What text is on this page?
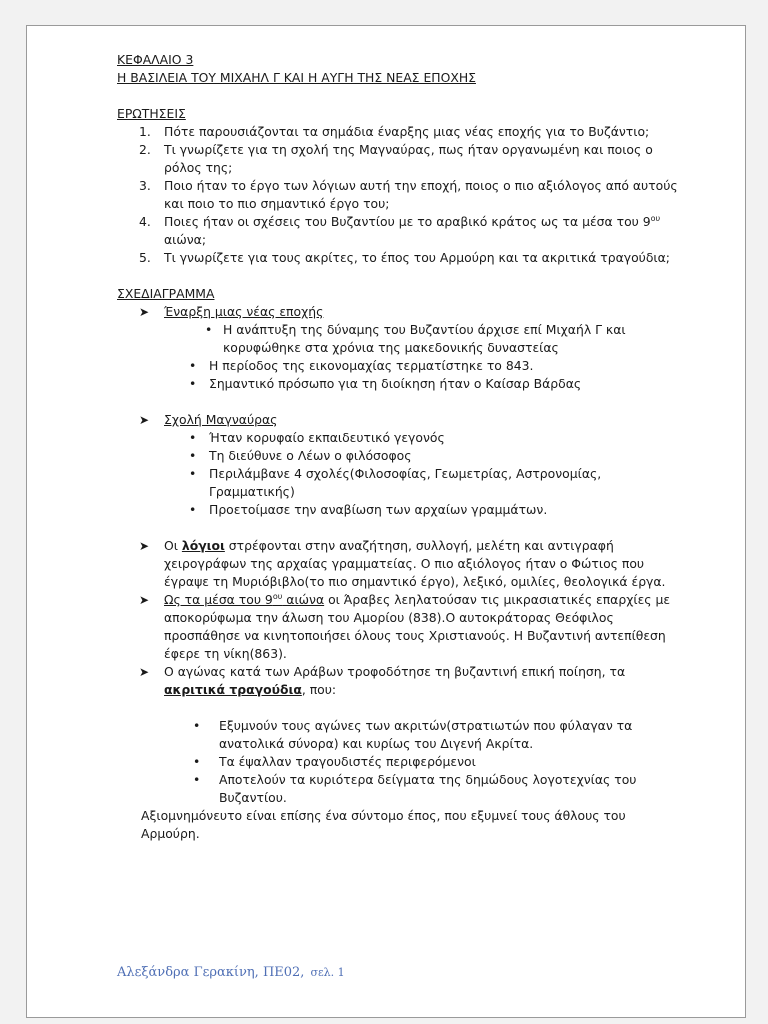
ΚΕΦΑΛΑΙΟ 3

Η ΒΑΣΙΛΕΙΑ ΤΟΥ ΜΙΧΑΗΛ Γ ΚΑΙ Η ΑΥΓΗ ΤΗΣ ΝΕΑΣ ΕΠΟΧΗΣ

ΕΡΩΤΗΣΕΙΣ

1. Πότε παρουσιάζονται τα σημάδια έναρξης μιας νέας εποχής για το Βυζάντιο;
2. Τι γνωρίζετε για τη σχολή της Μαγναύρας, πως ήταν οργανωμένη και ποιος ο ρόλος της;
3. Ποιο ήταν το έργο των λόγιων αυτή την εποχή, ποιος ο πιο αξιόλογος από αυτούς και ποιο το πιο σημαντικό έργο του;
4. Ποιες ήταν οι σχέσεις του Βυζαντίου με το αραβικό κράτος ως τα μέσα του $9^{o\upsilon}$ αιώνα;
5. Τι γνωρίζετε για τους ακρίτες, το έπος του Αρμούρη και τα ακριτικά τραγούδια;

ΣΧΕΔΙΑΓΡΑΜΜΑ

➤ Έναρξη μιας νέας εποχής
• Η ανάπτυξη της δύναμης του Βυζαντίου άρχισε επί Μιχαήλ Γ και κορυφώθηκε στα χρόνια της μακεδονικής δυναστείας
• Η περίοδος της εικονομαχίας τερματίστηκε το 843.
• Σημαντικό πρόσωπο για τη διοίκηση ήταν ο Καίσαρ Βάρδας
➤ Σχολή Μαγναύρας
• Ήταν κορυφαίο εκπαιδευτικό γεγονός
• Τη διεύθυνε ο Λέων ο φιλόσοφος
• Περιλάμβανε 4 σχολές(Φιλοσοφίας, Γεωμετρίας, Αστρονομίας, Γραμματικής)
• Προετοίμασε την αναβίωση των αρχαίων γραμμάτων.
➤ Οι λόγιοι στρέφονται στην αναζήτηση, συλλογή, μελέτη και αντιγραφή χειρογράφων της αρχαίας γραμματείας. Ο πιο αξιόλογος ήταν ο Φώτιος που έγραψε τη Μυριόβιβλο(το πιο σημαντικό έργο), λεξικό, ομιλίες, θεολογικά έργα.
➤ Ως τα μέσα του $9^{o\upsilon}$ αιώνα οι Άραβες λεηλατούσαν τις μικρασιατικές επαρχίες με αποκορύφωμα την άλωση του Αμορίου (838).Ο αυτοκράτορας Θεόφιλος προσπάθησε να κινητοποιήσει όλους τους Χριστιανούς. Η Βυζαντινή αντεπίθεση έφερε τη νίκη(863).
➤ Ο αγώνας κατά των Αράβων τροφοδότησε τη βυζαντινή επική ποίηση, τα ακριτικά τραγούδια, που:
• Εξυμνούν τους αγώνες των ακριτών(στρατιωτών που φύλαγαν τα ανατολικά σύνορα) και κυρίως του Διγενή Ακρίτα.
• Τα έψαλλαν τραγουδιστές περιφερόμενοι
• Αποτελούν τα κυριότερα δείγματα της δημώδους λογοτεχνίας του Βυζαντίου.
Αξιομνημόνευτο είναι επίσης ένα σύντομο έπος, που εξυμνεί τους άθλους του Αρμούρη.
Αλεξάνδρα Γερακίνη, ΠΕ02, σελ. 1
